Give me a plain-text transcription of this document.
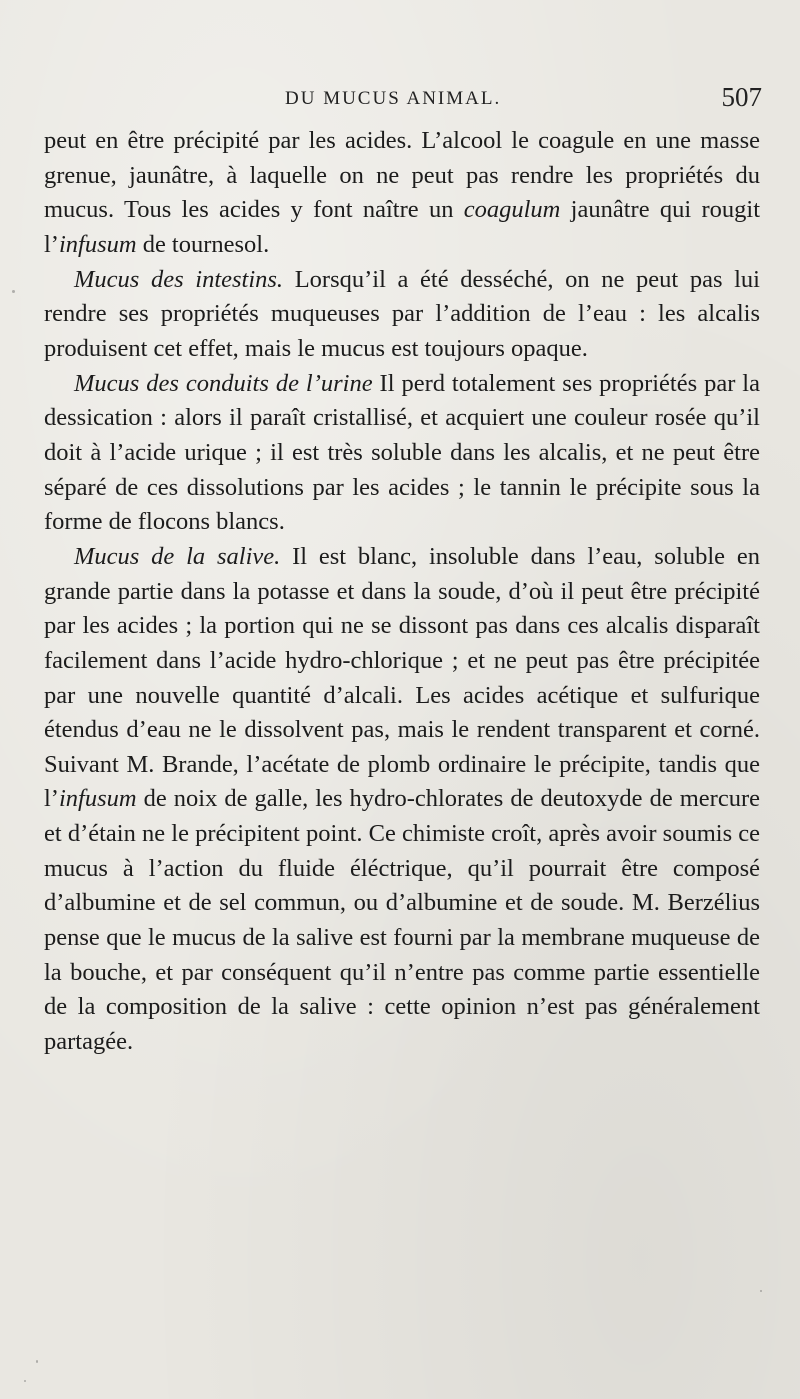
DU MUCUS ANIMAL.	507

peut en être précipité par les acides. L’alcool le coagule en une masse grenue, jaunâtre, à laquelle on ne peut pas rendre les propriétés du mucus. Tous les acides y font naître un coagulum jaunâtre qui rougit l’infusum de tournesol.

Mucus des intestins. Lorsqu’il a été desséché, on ne peut pas lui rendre ses propriétés muqueuses par l’addition de l’eau : les alcalis produisent cet effet, mais le mucus est toujours opaque.

Mucus des conduits de l’urine Il perd totalement ses propriétés par la dessication : alors il paraît cristallisé, et acquiert une couleur rosée qu’il doit à l’acide urique ; il est très soluble dans les alcalis, et ne peut être séparé de ces dissolutions par les acides ; le tannin le précipite sous la forme de flocons blancs.

Mucus de la salive. Il est blanc, insoluble dans l’eau, soluble en grande partie dans la potasse et dans la soude, d’où il peut être précipité par les acides ; la portion qui ne se dissont pas dans ces alcalis disparaît facilement dans l’acide hydro-chlorique ; et ne peut pas être précipitée par une nouvelle quantité d’alcali. Les acides acétique et sulfurique étendus d’eau ne le dissolvent pas, mais le rendent transparent et corné. Suivant M. Brande, l’acétate de plomb ordinaire le précipite, tandis que l’infusum de noix de galle, les hydro-chlorates de deutoxyde de mercure et d’étain ne le précipitent point. Ce chimiste croît, après avoir soumis ce mucus à l’action du fluide éléctrique, qu’il pourrait être composé d’albumine et de sel commun, ou d’albumine et de soude. M. Berzélius pense que le mucus de la salive est fourni par la membrane muqueuse de la bouche, et par conséquent qu’il n’entre pas comme partie essentielle de la composition de la salive : cette opinion n’est pas généralement partagée.
